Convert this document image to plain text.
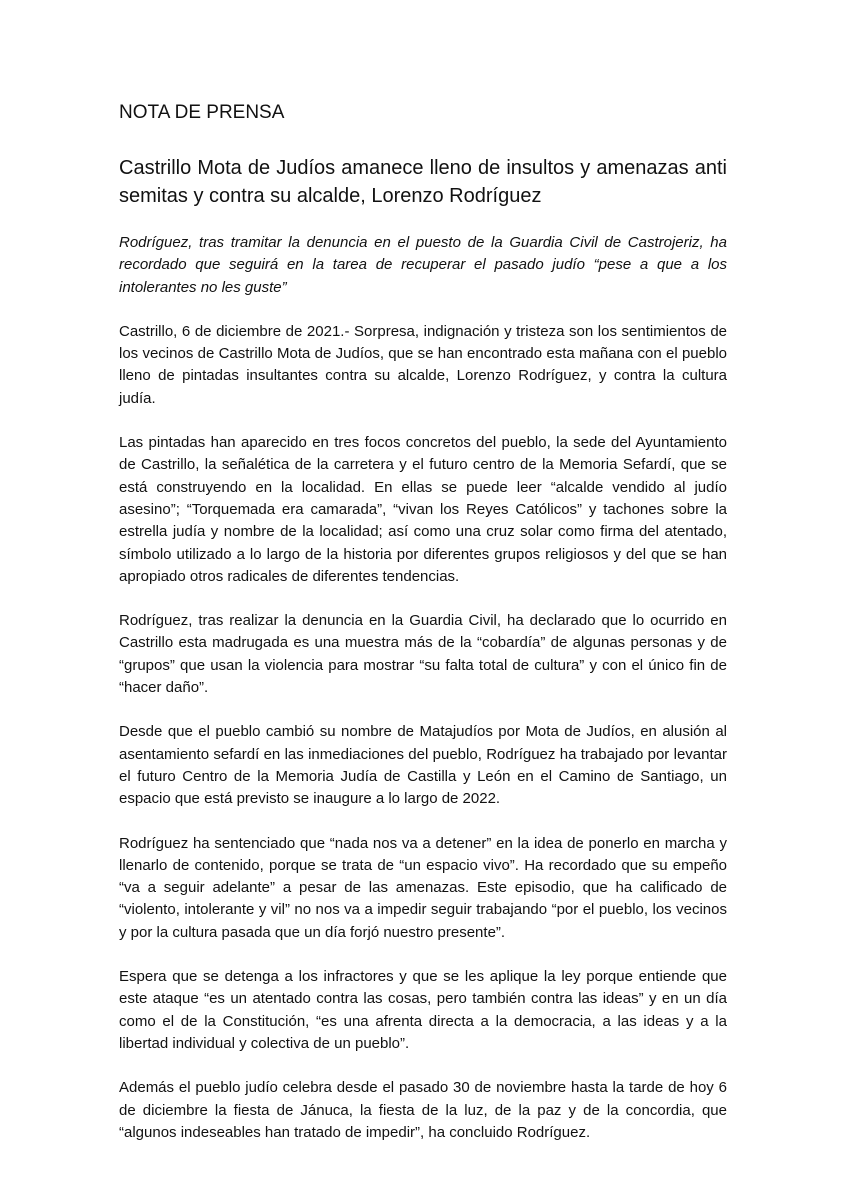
NOTA DE PRENSA
Castrillo Mota de Judíos amanece lleno de insultos y amenazas anti semitas y contra su alcalde, Lorenzo Rodríguez

Rodríguez, tras tramitar la denuncia en el puesto de la Guardia Civil de Castrojeriz, ha recordado que seguirá en la tarea de recuperar el pasado judío “pese a que a los intolerantes no les guste”

Castrillo, 6 de diciembre de 2021.- Sorpresa, indignación y tristeza son los sentimientos de los vecinos de Castrillo Mota de Judíos, que se han encontrado esta mañana con el pueblo lleno de pintadas insultantes contra su alcalde, Lorenzo Rodríguez, y contra la cultura judía.

Las pintadas han aparecido en tres focos concretos del pueblo, la sede del Ayuntamiento de Castrillo, la señalética de la carretera y el futuro centro de la Memoria Sefardí, que se está construyendo en la localidad. En ellas se puede leer “alcalde vendido al judío asesino”; “Torquemada era camarada”, “vivan los Reyes Católicos” y tachones sobre la estrella judía y nombre de la localidad; así como una cruz solar como firma del atentado, símbolo utilizado a lo largo de la historia por diferentes grupos religiosos y del que se han apropiado otros radicales de diferentes tendencias.

Rodríguez, tras realizar la denuncia en la Guardia Civil, ha declarado que lo ocurrido en Castrillo esta madrugada es una muestra más de la “cobardía” de algunas personas y de “grupos” que usan la violencia para mostrar “su falta total de cultura” y con el único fin de “hacer daño”.

Desde que el pueblo cambió su nombre de Matajudíos por Mota de Judíos, en alusión al asentamiento sefardí en las inmediaciones del pueblo, Rodríguez ha trabajado por levantar el futuro Centro de la Memoria Judía de Castilla y León en el Camino de Santiago, un espacio que está previsto se inaugure a lo largo de 2022.

Rodríguez ha sentenciado que “nada nos va a detener” en la idea de ponerlo en marcha y llenarlo de contenido, porque se trata de “un espacio vivo”. Ha recordado que su empeño “va a seguir adelante” a pesar de las amenazas. Este episodio, que ha calificado de “violento, intolerante y vil” no nos va a impedir seguir trabajando “por el pueblo, los vecinos y por la cultura pasada que un día forjó nuestro presente”.

Espera que se detenga a los infractores y que se les aplique la ley porque entiende que este ataque “es un atentado contra las cosas, pero también contra las ideas” y en un día como el de la Constitución, “es una afrenta directa a la democracia, a las ideas y a la libertad individual y colectiva de un pueblo”.

Además el pueblo judío celebra desde el pasado 30 de noviembre hasta la tarde de hoy 6 de diciembre la fiesta de Jánuca, la fiesta de la luz, de la paz y de la concordia, que “algunos indeseables han tratado de impedir”, ha concluido Rodríguez.
